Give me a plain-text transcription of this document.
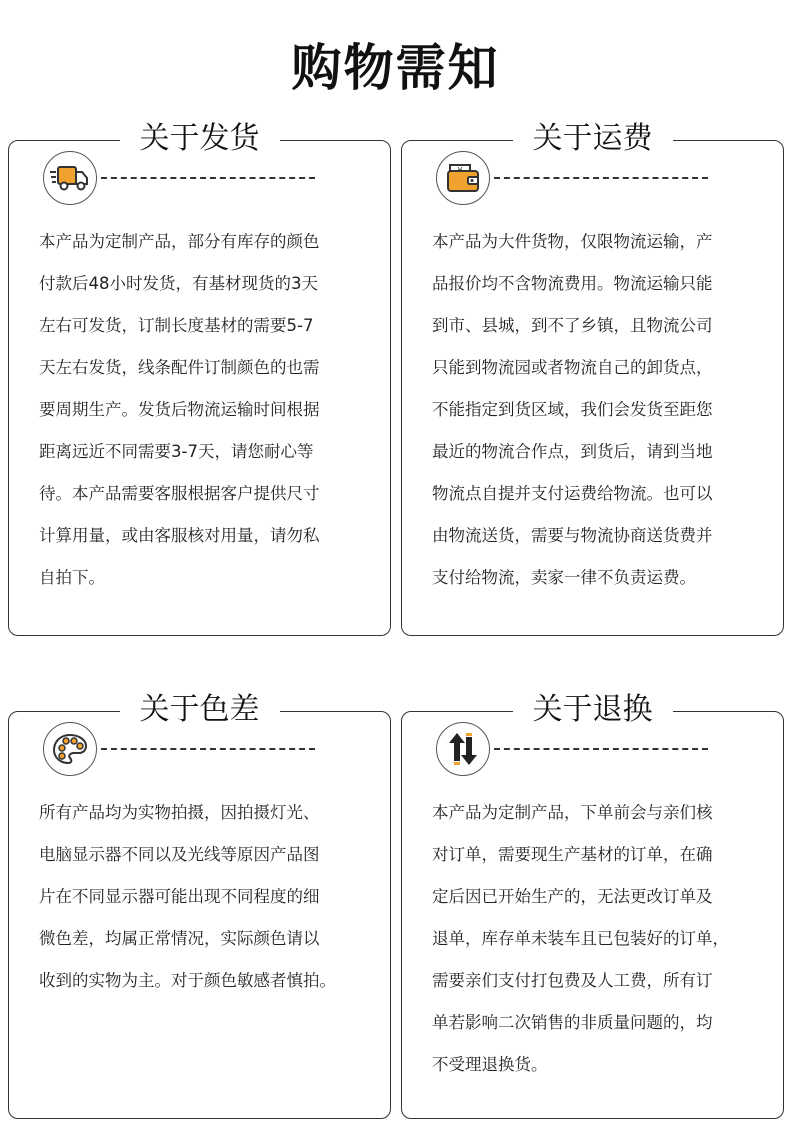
购物需知
关于发货
本产品为定制产品，部分有库存的颜色
付款后48小时发货，有基材现货的3天
左右可发货，订制长度基材的需要5-7
天左右发货，线条配件订制颜色的也需
要周期生产。发货后物流运输时间根据
距离远近不同需要3-7天，请您耐心等
待。本产品需要客服根据客户提供尺寸
计算用量，或由客服核对用量，请勿私
自拍下。
关于运费
本产品为大件货物，仅限物流运输，产
品报价均不含物流费用。物流运输只能
到市、县城，到不了乡镇，且物流公司
只能到物流园或者物流自己的卸货点，
不能指定到货区域，我们会发货至距您
最近的物流合作点，到货后，请到当地
物流点自提并支付运费给物流。也可以
由物流送货，需要与物流协商送货费并
支付给物流，卖家一律不负责运费。
关于色差
所有产品均为实物拍摄，因拍摄灯光、
电脑显示器不同以及光线等原因产品图
片在不同显示器可能出现不同程度的细
微色差，均属正常情况，实际颜色请以
收到的实物为主。对于颜色敏感者慎拍。
关于退换
本产品为定制产品，下单前会与亲们核
对订单，需要现生产基材的订单，在确
定后因已开始生产的，无法更改订单及
退单，库存单未装车且已包装好的订单，
需要亲们支付打包费及人工费，所有订
单若影响二次销售的非质量问题的，均
不受理退换货。
